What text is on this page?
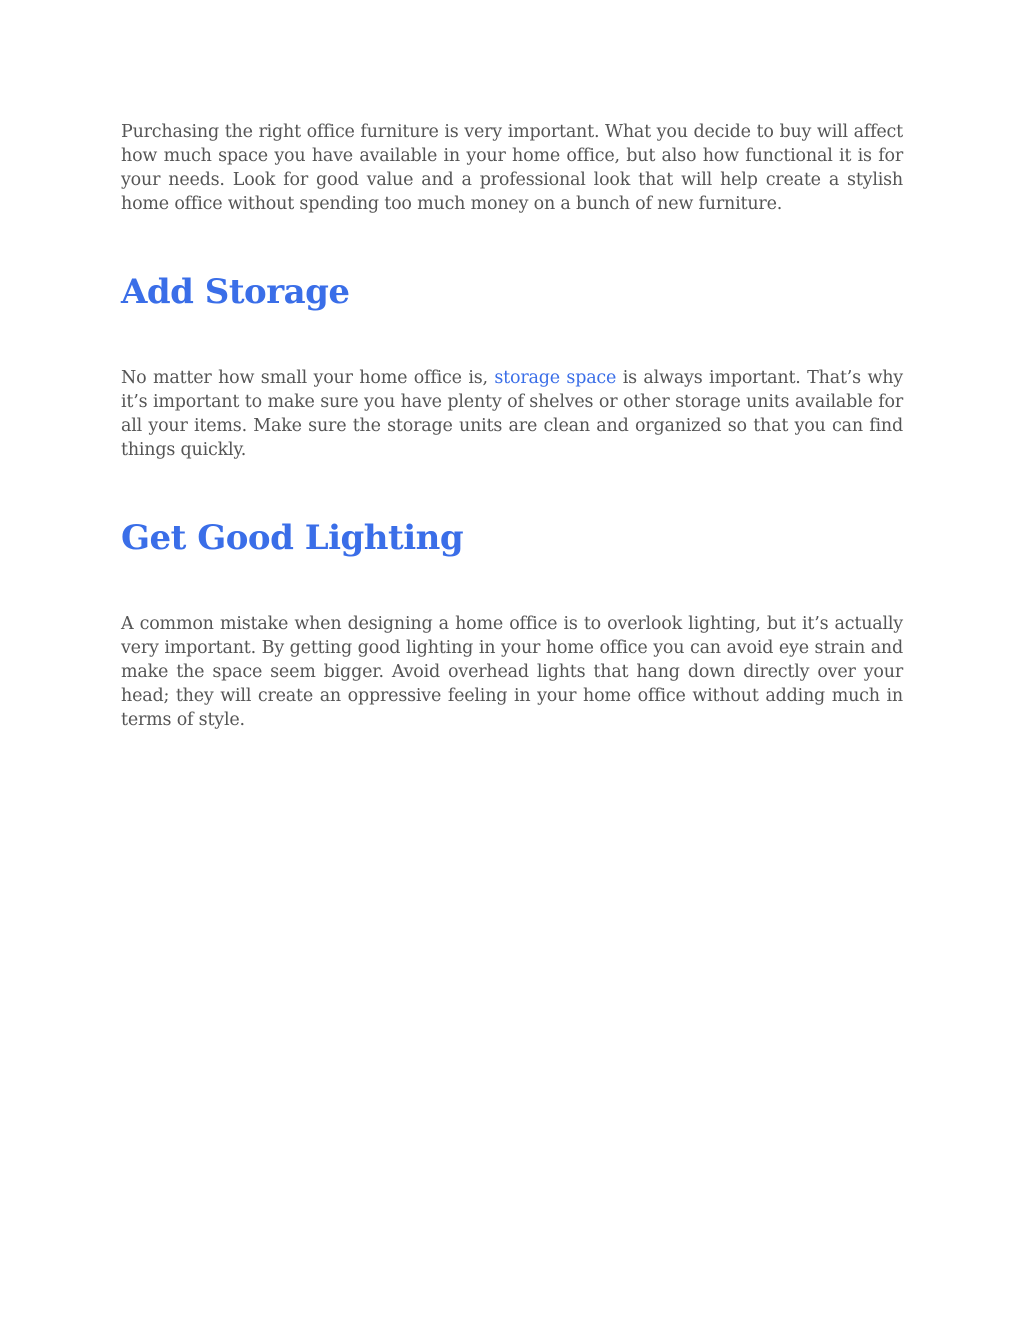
Purchasing the right office furniture is very important. What you decide to buy will affect how much space you have available in your home office, but also how functional it is for your needs. Look for good value and a professional look that will help create a stylish home office without spending too much money on a bunch of new furniture.

Add Storage

No matter how small your home office is, storage space is always important. That’s why it’s important to make sure you have plenty of shelves or other storage units available for all your items. Make sure the storage units are clean and organized so that you can find things quickly.

Get Good Lighting

A common mistake when designing a home office is to overlook lighting, but it’s actually very important. By getting good lighting in your home office you can avoid eye strain and make the space seem bigger. Avoid overhead lights that hang down directly over your head; they will create an oppressive feeling in your home office without adding much in terms of style.
